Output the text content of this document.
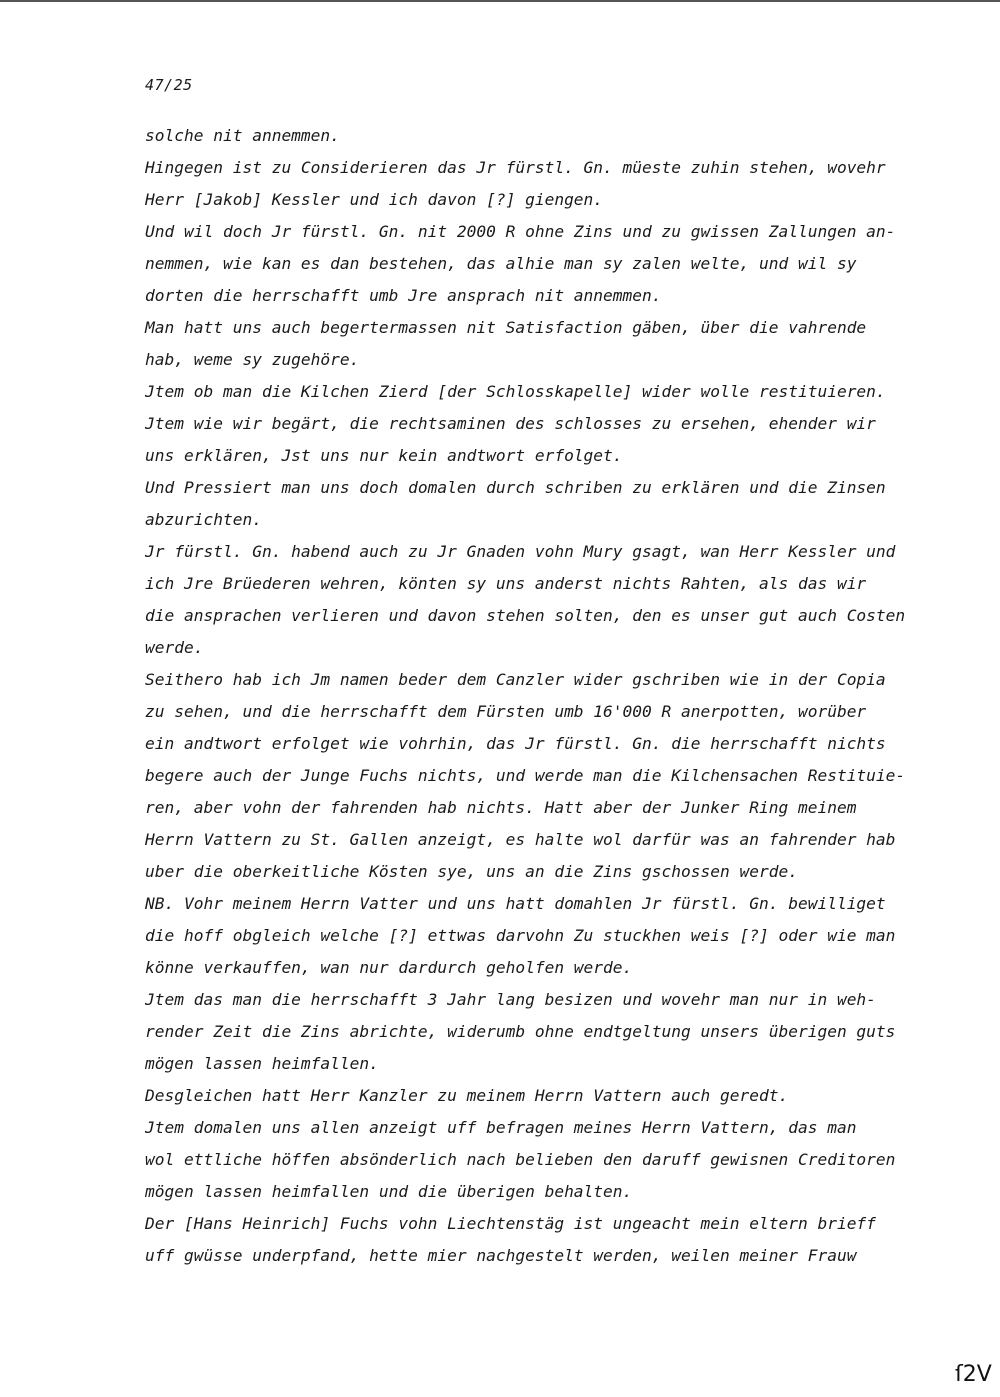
47/25
solche nit annemmen.
Hingegen ist zu Considerieren das Jr fürstl. Gn. müeste zuhin stehen, wovehr
Herr [Jakob] Kessler und ich davon [?] giengen.
Und wil doch Jr fürstl. Gn. nit 2000 R ohne Zins und zu gwissen Zallungen an-
nemmen, wie kan es dan bestehen, das alhie man sy zalen welte, und wil sy
dorten die herrschafft umb Jre ansprach nit annemmen.
Man hatt uns auch begertermassen nit Satisfaction gäben, über die vahrende
hab, weme sy zugehöre.
Jtem ob man die Kilchen Zierd [der Schlosskapelle] wider wolle restituieren.
Jtem wie wir begärt, die rechtsaminen des schlosses zu ersehen, ehender wir
uns erklären, Jst uns nur kein andtwort erfolget.
Und Pressiert man uns doch domalen durch schriben zu erklären und die Zinsen
abzurichten.
Jr fürstl. Gn. habend auch zu Jr Gnaden vohn Mury gsagt, wan Herr Kessler und
ich Jre Brüederen wehren, könten sy uns anderst nichts Rahten, als das wir
die ansprachen verlieren und davon stehen solten, den es unser gut auch Costen
werde.
Seithero hab ich Jm namen beder dem Canzler wider gschriben wie in der Copia
zu sehen, und die herrschafft dem Fürsten umb 16'000 R anerpotten, worüber
ein andtwort erfolget wie vohrhin, das Jr fürstl. Gn. die herrschafft nichts
begere auch der Junge Fuchs nichts, und werde man die Kilchensachen Restituie-
ren, aber vohn der fahrenden hab nichts. Hatt aber der Junker Ring meinem
Herrn Vattern zu St. Gallen anzeigt, es halte wol darfür was an fahrender hab
uber die oberkeitliche Kösten sye, uns an die Zins gschossen werde.
NB. Vohr meinem Herrn Vatter und uns hatt domahlen Jr fürstl. Gn. bewilliget
die hoff obgleich welche [?] ettwas darvohn Zu stuckhen weis [?] oder wie man
könne verkauffen, wan nur dardurch geholfen werde.
Jtem das man die herrschafft 3 Jahr lang besizen und wovehr man nur in weh-
render Zeit die Zins abrichte, widerumb ohne endtgeltung unsers überigen guts
mögen lassen heimfallen.
Desgleichen hatt Herr Kanzler zu meinem Herrn Vattern auch geredt.
Jtem domalen uns allen anzeigt uff befragen meines Herrn Vattern, das man
wol ettliche höffen absönderlich nach belieben den daruff gewisnen Creditoren
mögen lassen heimfallen und die überigen behalten.
Der [Hans Heinrich] Fuchs vohn Liechtenstäg ist ungeacht mein eltern brieff
uff gwüsse underpfand, hette mier nachgestelt werden, weilen meiner Frauw
ſ2V
